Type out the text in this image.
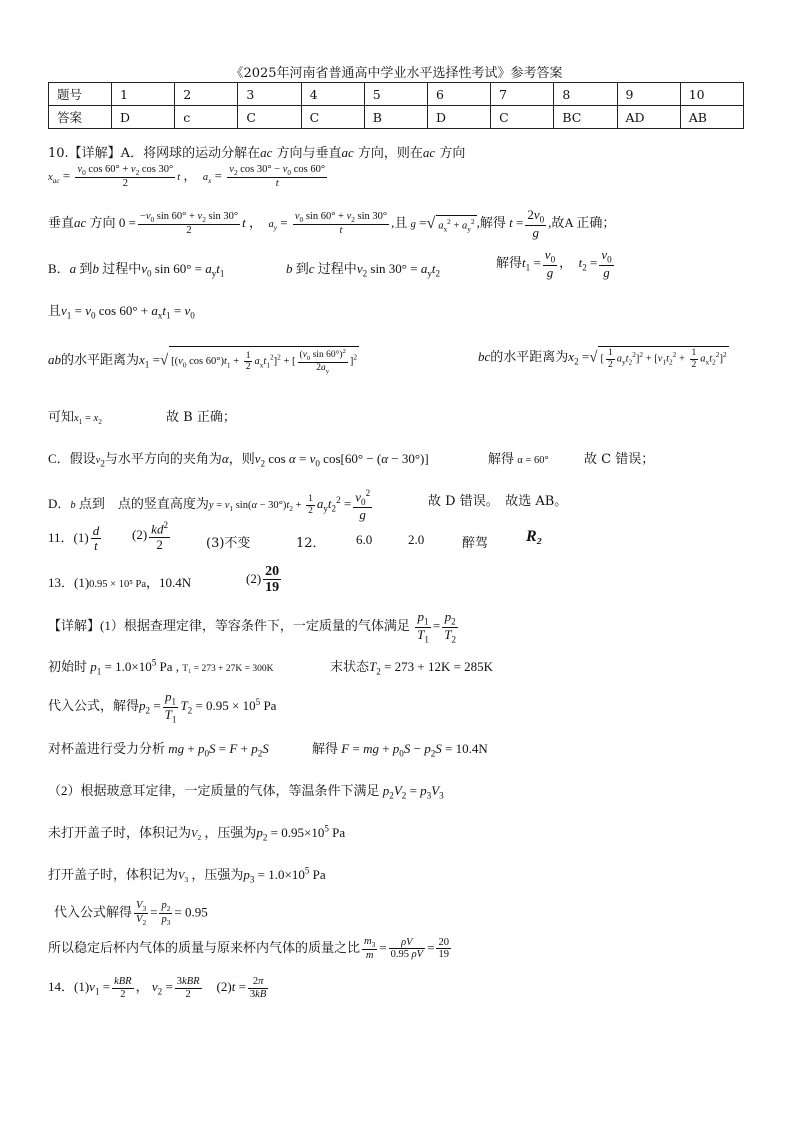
《2025年河南省普通高中学业水平选择性考试》参考答案
题号	1	2	3	4	5	6	7	8	9	10
答案	D	c	C	C	B	D	C	BC	AD	AB
10.【详解】A．将网球的运动分解在ac 方向与垂直ac 方向，则在ac 方向
$x_{ac} = \frac{v_0 \cos 60^\circ + v_2 \cos 30^\circ}{2}$ t ，  $a_x = \frac{v_2 \cos 30^\circ - v_0 \cos 60^\circ}{t}$
垂直ac 方向 $0 = \frac{-v_0 \sin 60^\circ + v_2 \sin 30^\circ}{2}$ t ，  $a_y = \frac{v_0 \sin 60^\circ + v_2 \sin 30^\circ}{t}$ ,且 g =√ $a_x^2 + a_y^2$ ,解得 $t = \frac{2v_0}{g}$ ,故A 正确；
B．a 到b 过程中$v_0$ $\sin 60^\circ = a_yt_1$	b 到c 过程中$v_2$ $\sin 30^\circ = a_yt_2$
解得$t_1 = \frac{v_0}{g}$ ，  $t_2 = \frac{v_0}{g}$
且$v_1 = v_0$ $\cos 60^\circ + a_xt_1 = v_0$
ab的水平距离为$x_1$ =√ [($v_0$ $\cos 60^\circ)t_1 + \frac{1}{2} a_xt_1^2]^2$ + [ $\frac{(v_0 \sin 60^\circ)^2}{2a_y} ]^2$	bc的水平距离为$x_2$ =√ [ $\frac{1}{2} a_yt_2^2]^2 + [v_1t_2^2 + \frac{1}{2} a_xt_2^2]^2$
可知$x_1 = x_2$	故 B 正确；
C．假设$v_2$与水平方向的夹角为α，则$v_2$ $\cos \alpha = v_0$ cos[60° − (α − 30°)]	解得 α = 60°	故 C 错误；
D．b 点到　点的竖直高度为$y = v_1$ $\sin(\alpha - 30^\circ)t_2 + \frac{1}{2} a_yt_2^2 = \frac{v_0^2}{g}$	故 D 错误。　故选 AB。
11．$(1) \frac{d}{t} (2) \frac{kd^2}{2}$	(3)不变	12． 6.0	2.0	醉驾 R₂
13．(1)0.95 × 10⁵ Pa，10.4N	$(2) \frac{20}{19}$
【详解】(1）根据查理定律，等容条件下，一定质量的气体满足 $\frac{p_1}{T_1} = \frac{p_2}{T_2}$
初始时 $p_1 = 1.0\times 10^5$ Pa , T₁ = 273 + 27K = 300K	末状态$T_2 = 273 + 12K = 285K$
代入公式，解得$p_2 = \frac{p_1}{T_1} T_2 = 0.95 \times 10^5$ Pa
对杯盖进行受力分析 mg + $p_0S = F + p_2S$	解得 F = mg + $p_0S - p_2S = 10.4N$
（2）根据玻意耳定律，一定质量的气体，等温条件下满足 $p_2V_2 = p_3V_3$
未打开盖子时，体积记为$V_2$ ，压强为$p_2 = 0.95\times 10^5$ Pa
打开盖子时，体积记为$V_3$ ，压强为$p_3 = 1.0\times 10^5$ Pa
代入公式解得 $\frac{V_3}{V_2} = \frac{p_2}{p_3} = 0.95$
所以稳定后杯内气体的质量与原来杯内气体的质量之比 $\frac{m_3}{m} = \frac{\rho V}{0.95 \rho V} = \frac{20}{19}$
14．$(1)v_1 = \frac{\text{kBR}}{2}$ ， $v_2 = \frac{\text{3kBR}}{2} (2)t = \frac{2\pi}{3kB}$
